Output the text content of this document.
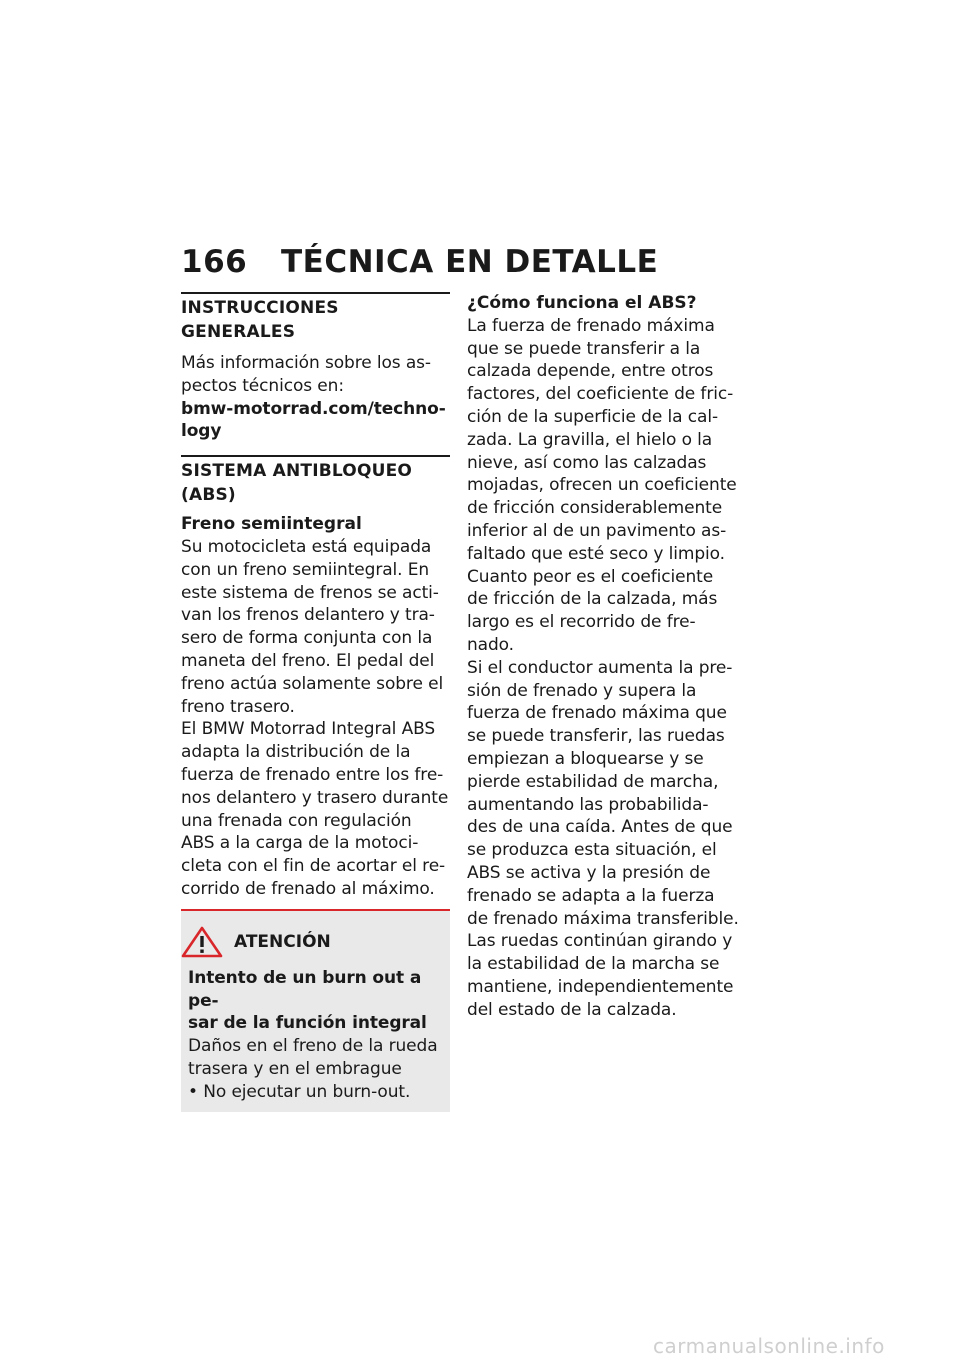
166 TÉCNICA EN DETALLE
INSTRUCCIONES GENERALES

Más información sobre los as-
pectos técnicos en:
bmw-motorrad.com/techno-
logy

SISTEMA ANTIBLOQUEO
(ABS)
Freno semiintegral

Su motocicleta está equipada
con un freno semiintegral. En
este sistema de frenos se acti-
van los frenos delantero y tra-
sero de forma conjunta con la
maneta del freno. El pedal del
freno actúa solamente sobre el
freno trasero.

El BMW Motorrad Integral ABS
adapta la distribución de la
fuerza de frenado entre los fre-
nos delantero y trasero durante
una frenada con regulación
ABS a la carga de la motoci-
cleta con el fin de acortar el re-
corrido de frenado al máximo.

ATENCIÓN

Intento de un burn out a pe-
sar de la función integral

Daños en el freno de la rueda
trasera y en el embrague

• No ejecutar un burn-out.

¿Cómo funciona el ABS?

La fuerza de frenado máxima
que se puede transferir a la
calzada depende, entre otros
factores, del coeficiente de fric-
ción de la superficie de la cal-
zada. La gravilla, el hielo o la
nieve, así como las calzadas
mojadas, ofrecen un coeficiente
de fricción considerablemente
inferior al de un pavimento as-
faltado que esté seco y limpio.
Cuanto peor es el coeficiente
de fricción de la calzada, más
largo es el recorrido de fre-
nado.

Si el conductor aumenta la pre-
sión de frenado y supera la
fuerza de frenado máxima que
se puede transferir, las ruedas
empiezan a bloquearse y se
pierde estabilidad de marcha,
aumentando las probabilida-
des de una caída. Antes de que
se produzca esta situación, el
ABS se activa y la presión de
frenado se adapta a la fuerza
de frenado máxima transferible.
Las ruedas continúan girando y
la estabilidad de la marcha se
mantiene, independientemente
del estado de la calzada.

carmanualsonline.info
